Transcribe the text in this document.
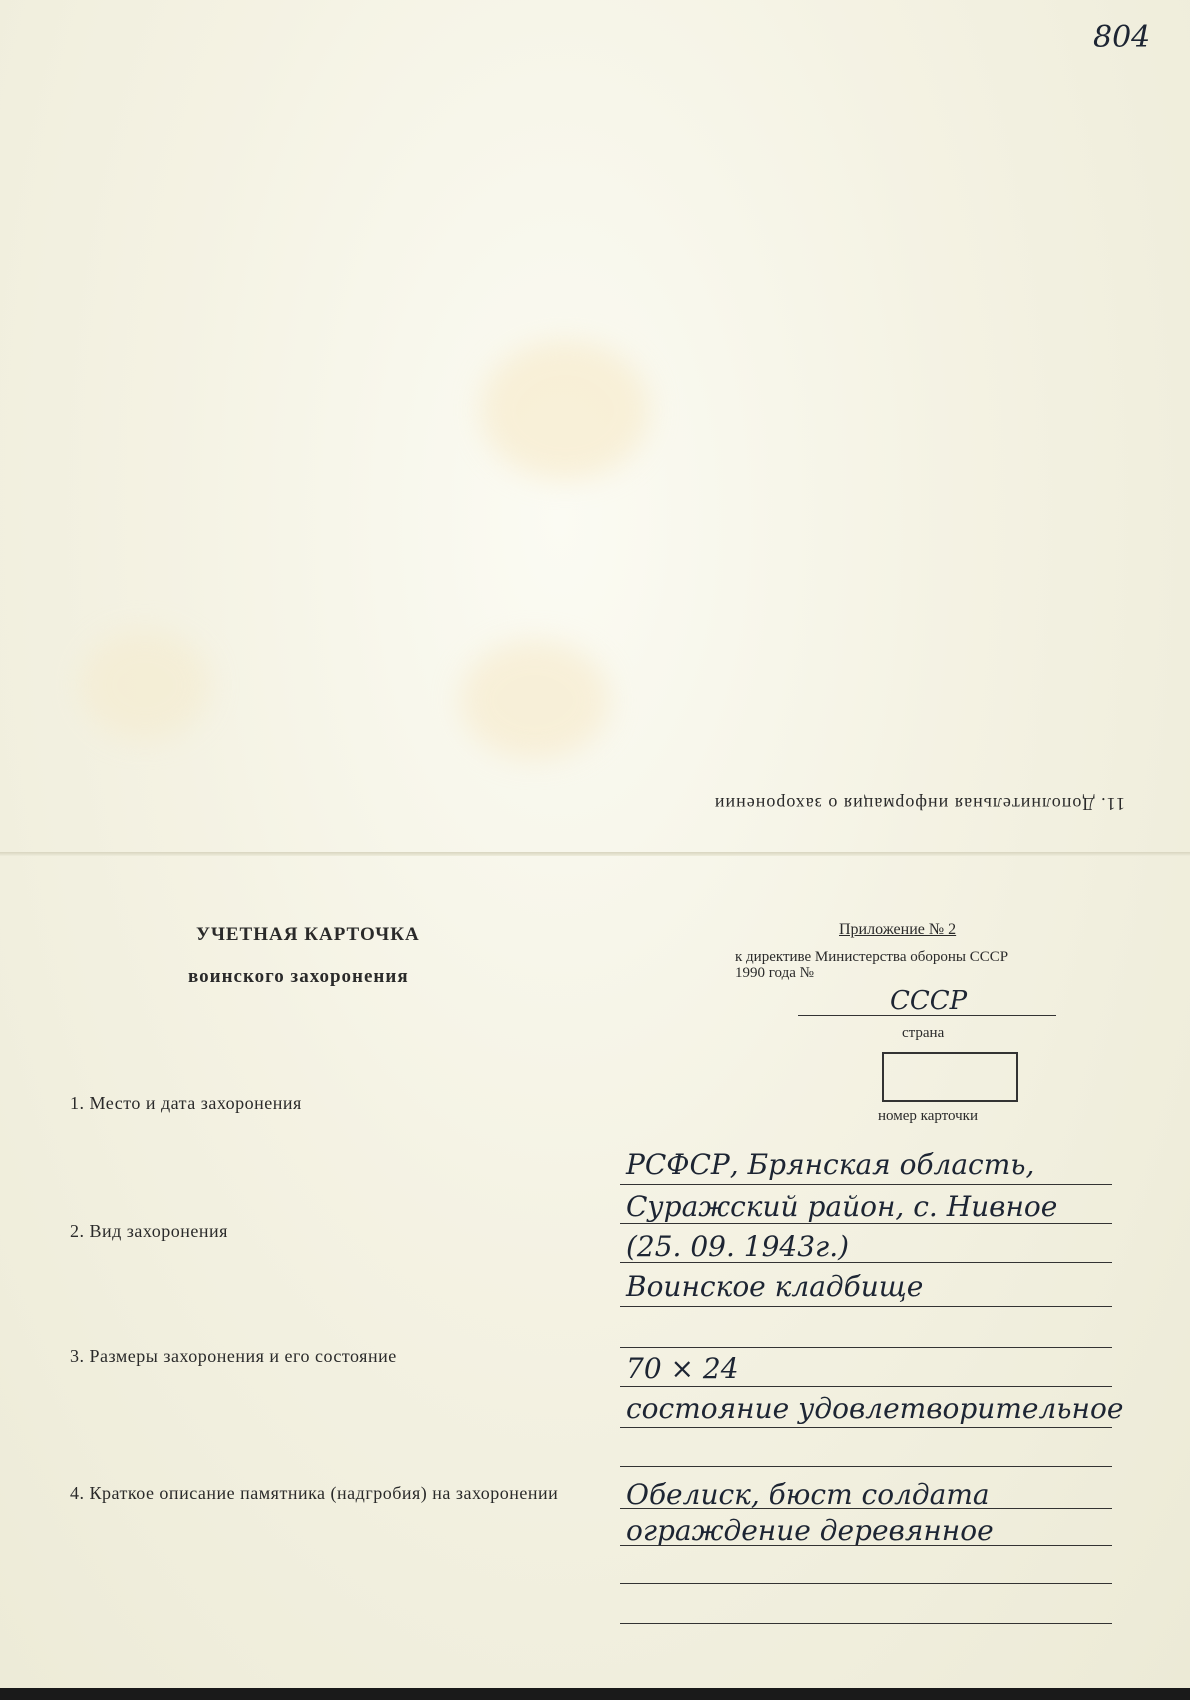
804
11. Дополнительная информация о захоронении
УЧЕТНАЯ КАРТОЧКА
воинского захоронения
Приложение № 2
к директиве Министерства обороны СССР
1990 года №
СССР
страна
номер карточки
1. Место и дата захоронения
2. Вид захоронения
3. Размеры захоронения и его состояние
4. Краткое описание памятника (надгробия) на захоронении
РСФСР, Брянская область,
Суражский район, с. Нивное
(25. 09. 1943г.)
Воинское кладбище
70 × 24
состояние удовлетворительное
Обелиск, бюст солдата
ограждение деревянное
